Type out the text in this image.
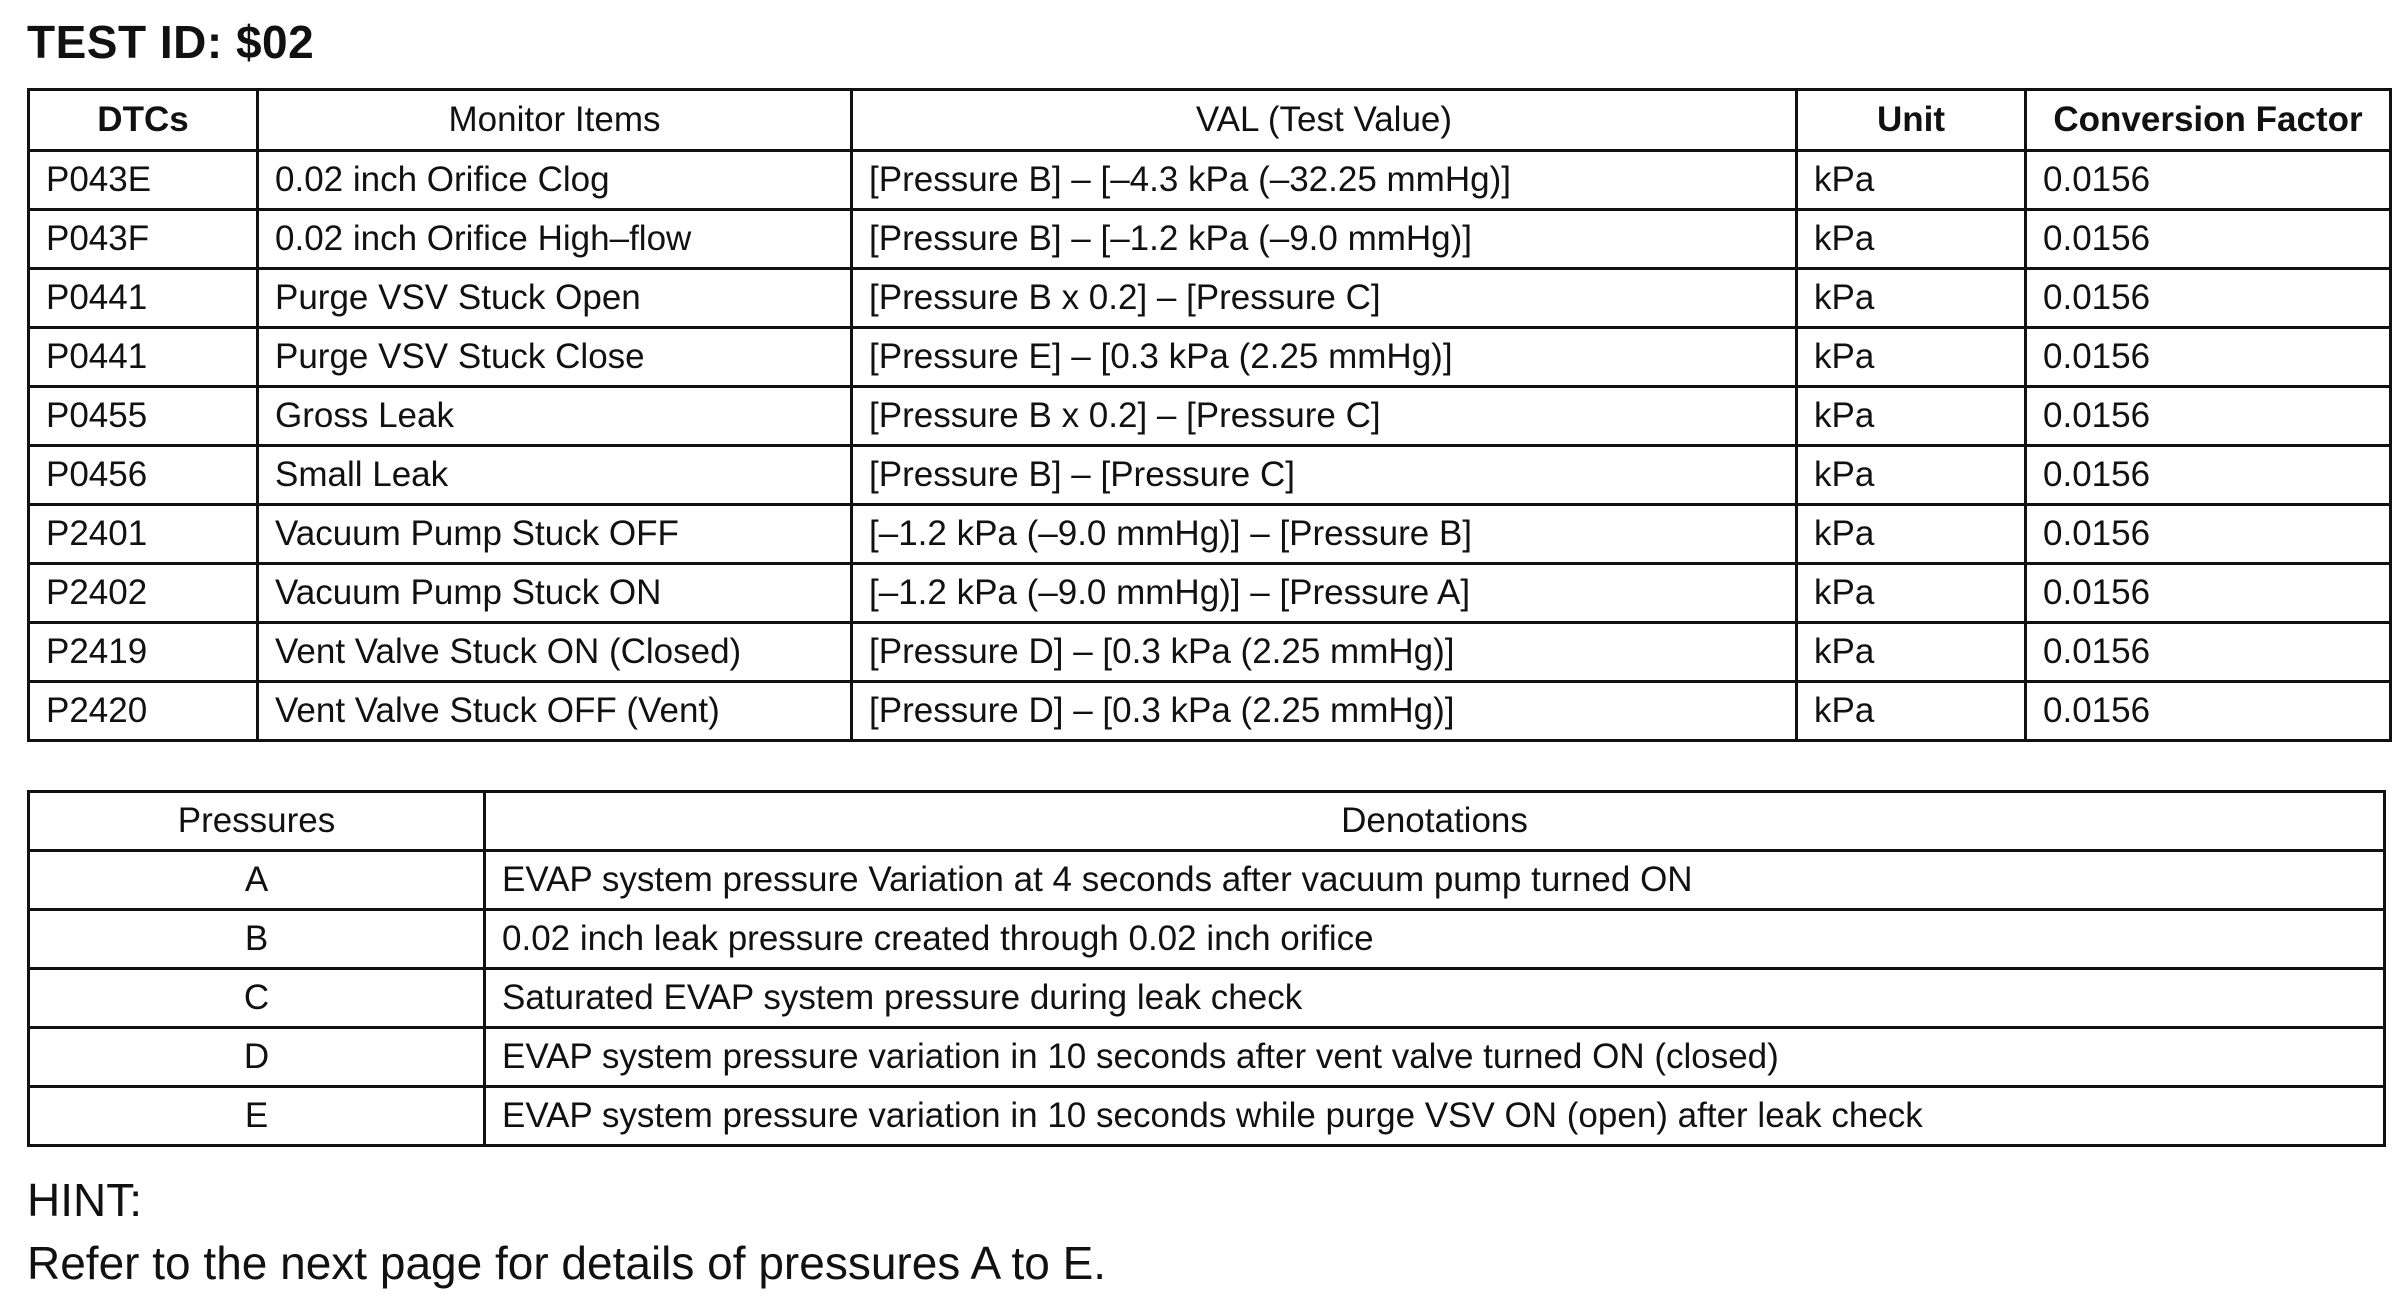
TEST ID: $02
DTCs	Monitor Items	VAL (Test Value)	Unit	Conversion Factor
P043E	0.02 inch Orifice Clog	[Pressure B] – [–4.3 kPa (–32.25 mmHg)]	kPa	0.0156
P043F	0.02 inch Orifice High–flow	[Pressure B] – [–1.2 kPa (–9.0 mmHg)]	kPa	0.0156
P0441	Purge VSV Stuck Open	[Pressure B x 0.2] – [Pressure C]	kPa	0.0156
P0441	Purge VSV Stuck Close	[Pressure E] – [0.3 kPa (2.25 mmHg)]	kPa	0.0156
P0455	Gross Leak	[Pressure B x 0.2] – [Pressure C]	kPa	0.0156
P0456	Small Leak	[Pressure B] – [Pressure C]	kPa	0.0156
P2401	Vacuum Pump Stuck OFF	[–1.2 kPa (–9.0 mmHg)] – [Pressure B]	kPa	0.0156
P2402	Vacuum Pump Stuck ON	[–1.2 kPa (–9.0 mmHg)] – [Pressure A]	kPa	0.0156
P2419	Vent Valve Stuck ON (Closed)	[Pressure D] – [0.3 kPa (2.25 mmHg)]	kPa	0.0156
P2420	Vent Valve Stuck OFF (Vent)	[Pressure D] – [0.3 kPa (2.25 mmHg)]	kPa	0.0156
Pressures	Denotations
A	EVAP system pressure Variation at 4 seconds after vacuum pump turned ON
B	0.02 inch leak pressure created through 0.02 inch orifice
C	Saturated EVAP system pressure during leak check
D	EVAP system pressure variation in 10 seconds after vent valve turned ON (closed)
E	EVAP system pressure variation in 10 seconds while purge VSV ON (open) after leak check
HINT:
Refer to the next page for details of pressures A to E.
